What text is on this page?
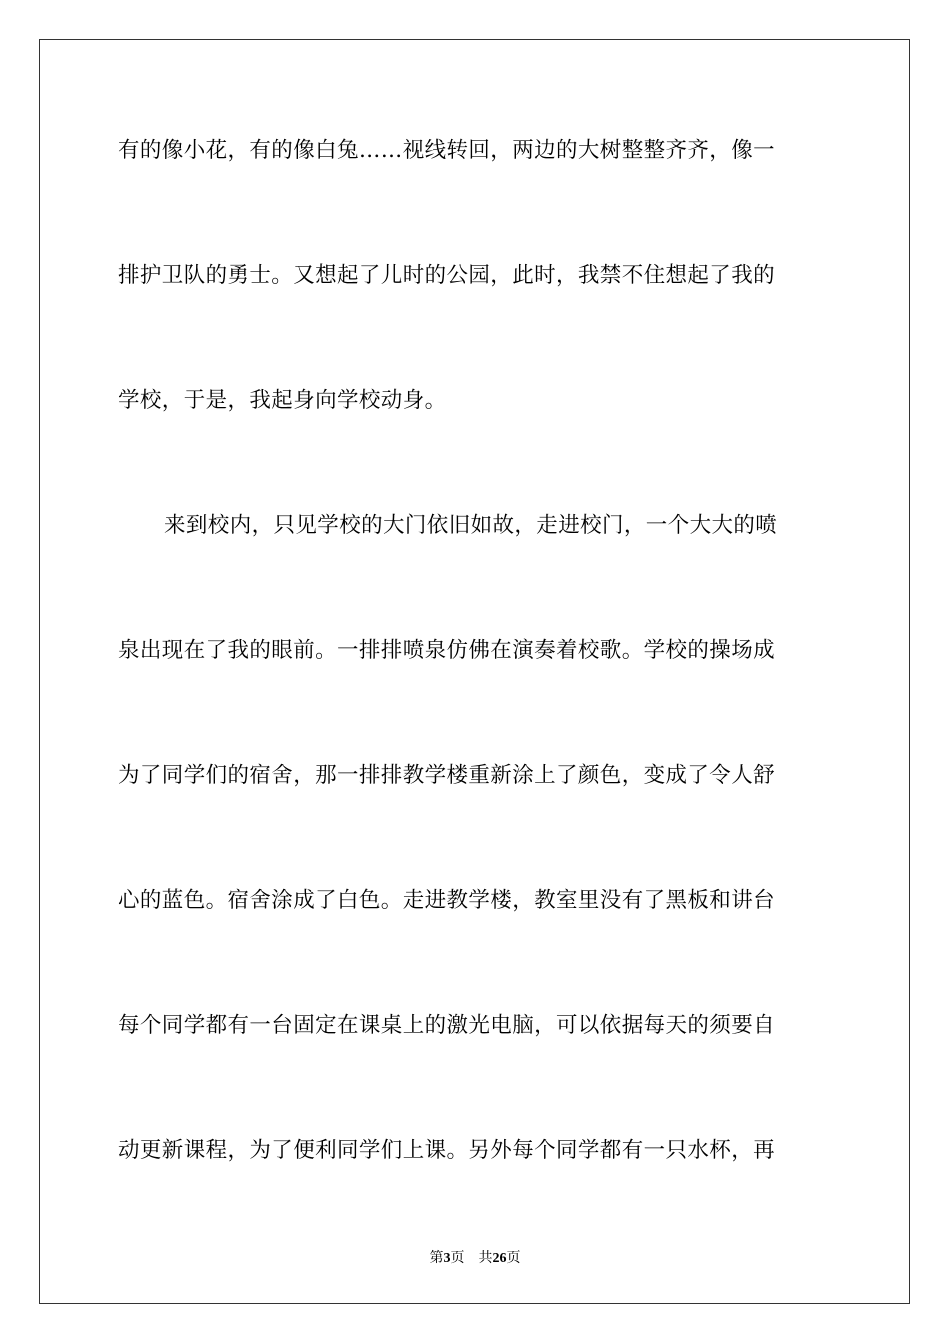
有的像小花，有的像白兔……视线转回，两边的大树整整齐齐，像一
排护卫队的勇士。又想起了儿时的公园，此时，我禁不住想起了我的
学校，于是，我起身向学校动身。
来到校内，只见学校的大门依旧如故，走进校门，一个大大的喷
泉出现在了我的眼前。一排排喷泉仿佛在演奏着校歌。学校的操场成
为了同学们的宿舍，那一排排教学楼重新涂上了颜色，变成了令人舒
心的蓝色。宿舍涂成了白色。走进教学楼，教室里没有了黑板和讲台
每个同学都有一台固定在课桌上的激光电脑，可以依据每天的须要自
动更新课程，为了便利同学们上课。另外每个同学都有一只水杯，再
第3页 共26页
